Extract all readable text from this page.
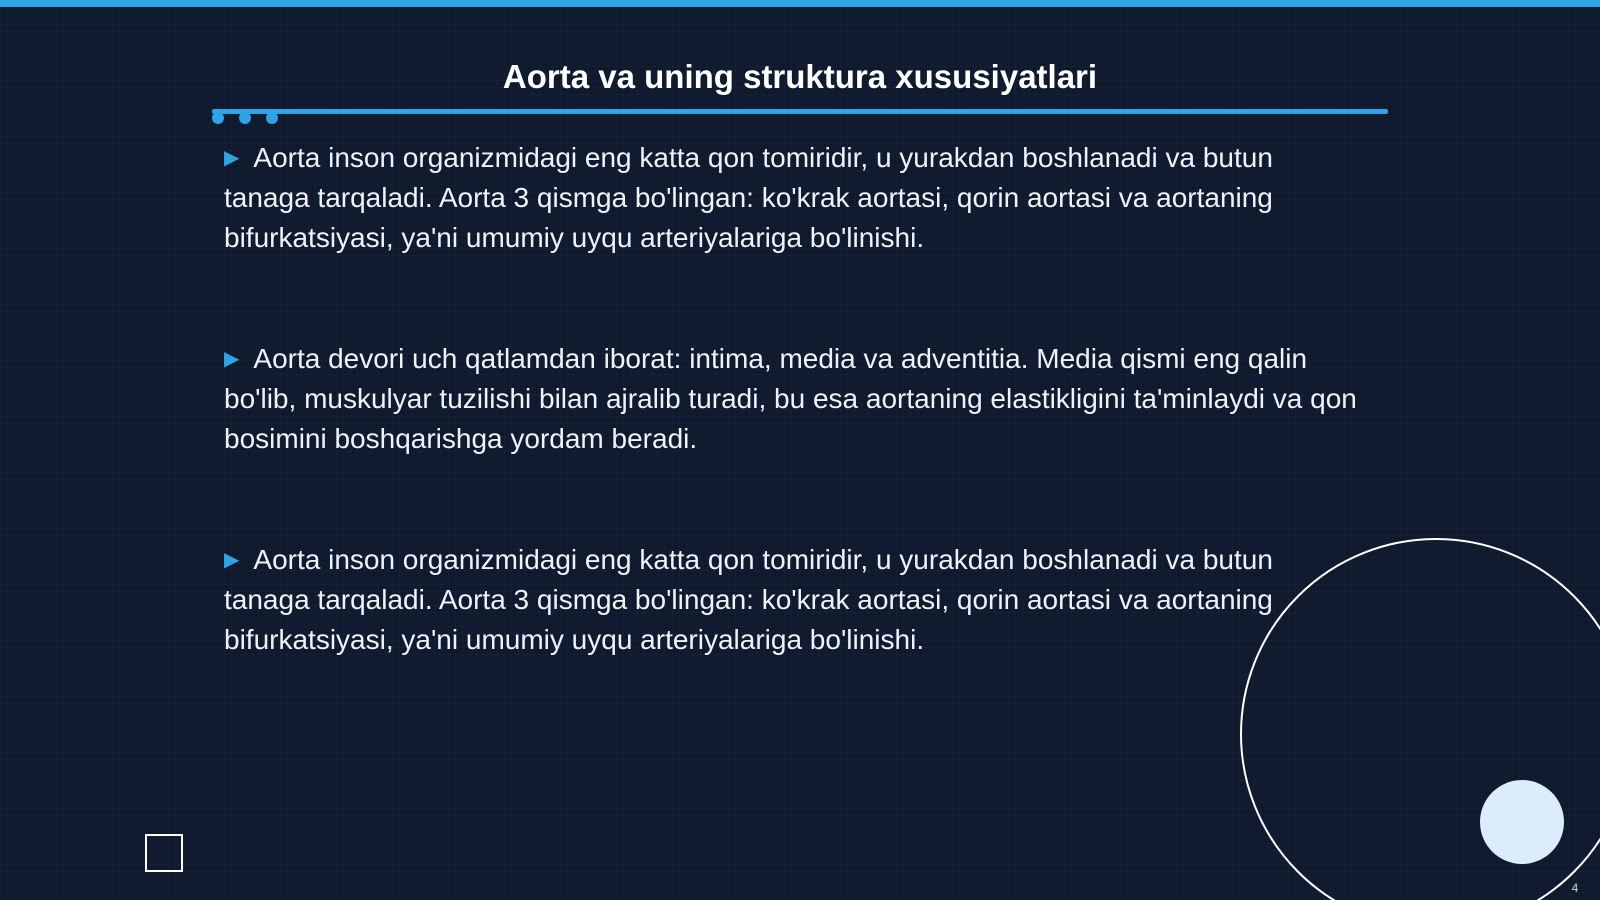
Aorta va uning struktura xususiyatlari

▶ Aorta inson organizmidagi eng katta qon tomiridir, u yurakdan boshlanadi va butun tanaga tarqaladi. Aorta 3 qismga bo'lingan: ko'krak aortasi, qorin aortasi va aortaning bifurkatsiyasi, ya'ni umumiy uyqu arteriyalariga bo'linishi.

▶ Aorta devori uch qatlamdan iborat: intima, media va adventitia. Media qismi eng qalin bo'lib, muskulyar tuzilishi bilan ajralib turadi, bu esa aortaning elastikligini ta'minlaydi va qon bosimini boshqarishga yordam beradi.

▶ Aorta inson organizmidagi eng katta qon tomiridir, u yurakdan boshlanadi va butun tanaga tarqaladi. Aorta 3 qismga bo'lingan: ko'krak aortasi, qorin aortasi va aortaning bifurkatsiyasi, ya'ni umumiy uyqu arteriyalariga bo'linishi.

4
